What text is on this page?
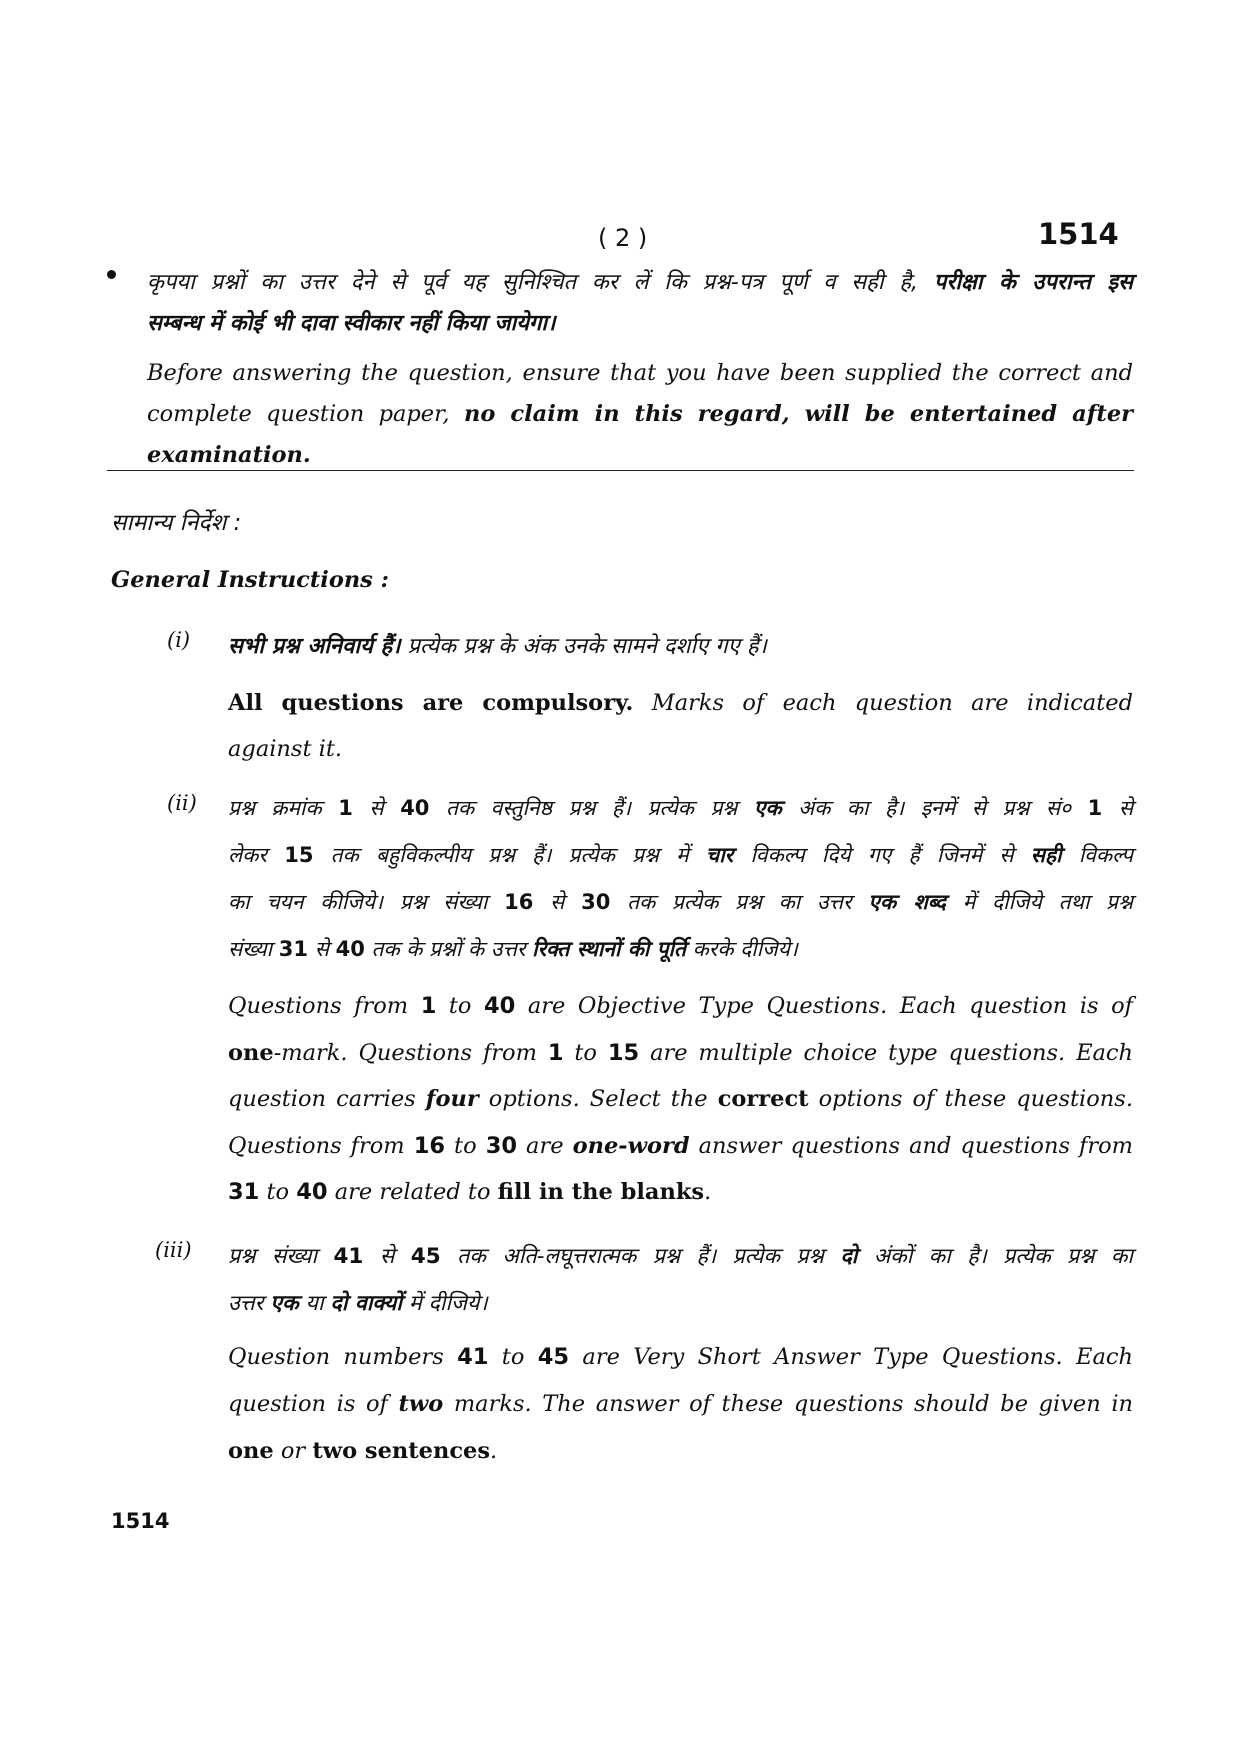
( 2 )	1514
कृपया प्रश्नों का उत्तर देने से पूर्व यह सुनिश्चित कर लें कि प्रश्न-पत्र पूर्ण व सही है, परीक्षा के उपरान्त इस
सम्बन्ध में कोई भी दावा स्वीकार नहीं किया जायेगा।
Before answering the question, ensure that you have been supplied the correct and
complete question paper, no claim in this regard, will be entertained after
examination.
सामान्य निर्देश :
General Instructions :
(i) सभी प्रश्न अनिवार्य हैं। प्रत्येक प्रश्न के अंक उनके सामने दर्शाए गए हैं।
All questions are compulsory. Marks of each question are indicated
against it.
(ii) प्रश्न क्रमांक 1 से 40 तक वस्तुनिष्ठ प्रश्न हैं। प्रत्येक प्रश्न एक अंक का है। इनमें से प्रश्न सं० 1 से
लेकर 15 तक बहुविकल्पीय प्रश्न हैं। प्रत्येक प्रश्न में चार विकल्प दिये गए हैं जिनमें से सही विकल्प
का चयन कीजिये। प्रश्न संख्या 16 से 30 तक प्रत्येक प्रश्न का उत्तर एक शब्द में दीजिये तथा प्रश्न
संख्या 31 से 40 तक के प्रश्नों के उत्तर रिक्त स्थानों की पूर्ति करके दीजिये।
Questions from 1 to 40 are Objective Type Questions. Each question is of
one-mark. Questions from 1 to 15 are multiple choice type questions. Each
question carries four options. Select the correct options of these questions.
Questions from 16 to 30 are one-word answer questions and questions from
31 to 40 are related to fill in the blanks.
(iii) प्रश्न संख्या 41 से 45 तक अति-लघूत्तरात्मक प्रश्न हैं। प्रत्येक प्रश्न दो अंकों का है। प्रत्येक प्रश्न का
उत्तर एक या दो वाक्यों में दीजिये।
Question numbers 41 to 45 are Very Short Answer Type Questions. Each
question is of two marks. The answer of these questions should be given in
one or two sentences.
1514
